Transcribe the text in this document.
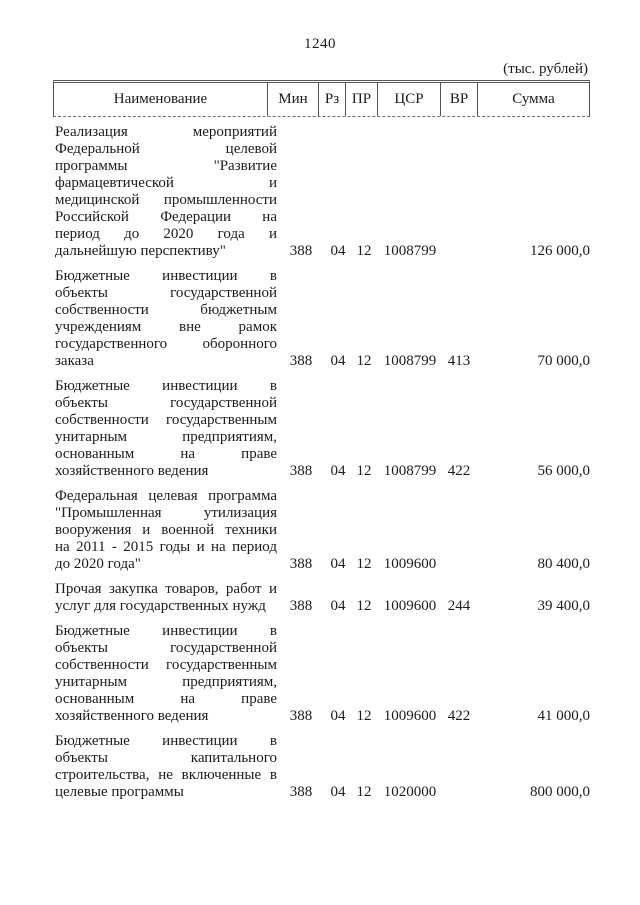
1240
(тыс. рублей)
Наименование	Мин	Рз ПР	ЦСР	ВР	Сумма
Реализация мероприятий
Федеральной целевой
программы "Развитие
фармацевтической и
медицинской промышленности
Российской Федерации на
период до 2020 года и
дальнейшую перспективу"	388	04 12 1008799	126 000,0
Бюджетные инвестиции в
объекты государственной
собственности бюджетным
учреждениям вне рамок
государственного оборонного
заказа	388	04 12 1008799 413	70 000,0
Бюджетные инвестиции в
объекты государственной
собственности государственным
унитарным предприятиям,
основанным на праве
хозяйственного ведения	388	04 12 1008799 422	56 000,0
Федеральная целевая программа
"Промышленная утилизация
вооружения и военной техники
на 2011 - 2015 годы и на период
до 2020 года"	388	04 12 1009600	80 400,0
Прочая закупка товаров, работ и
услуг для государственных нужд	388	04 12 1009600 244	39 400,0
Бюджетные инвестиции в
объекты государственной
собственности государственным
унитарным предприятиям,
основанным на праве
хозяйственного ведения	388	04 12 1009600 422	41 000,0
Бюджетные инвестиции в
объекты капитального
строительства, не включенные в
целевые программы	388	04 12 1020000	800 000,0
